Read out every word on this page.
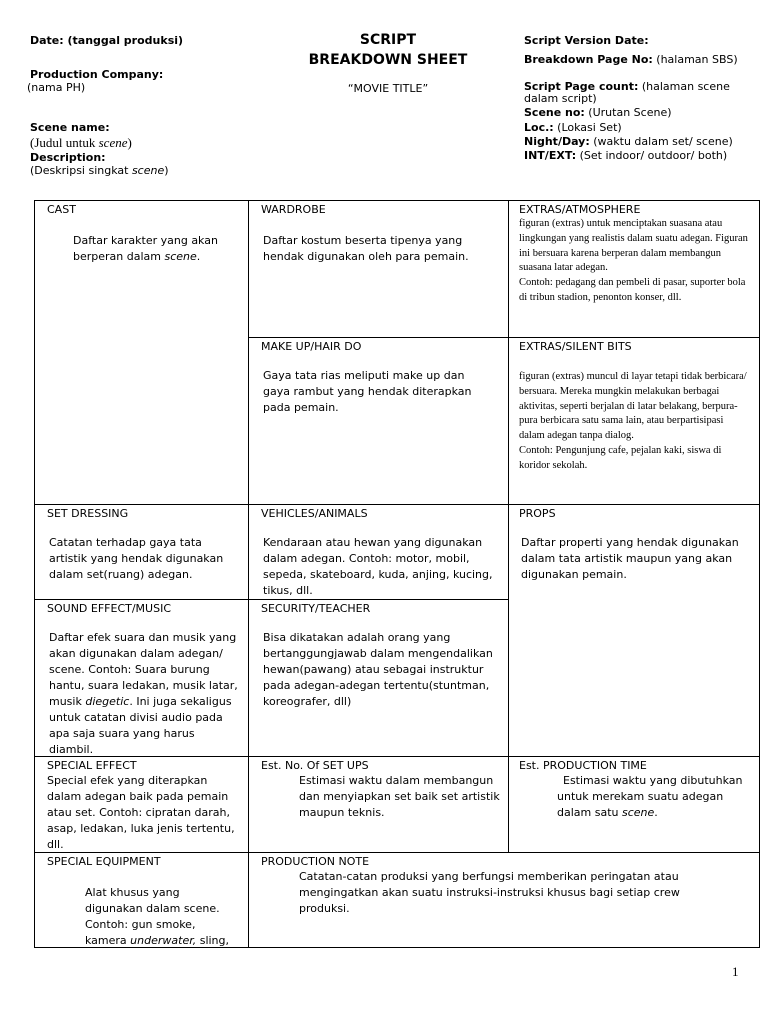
Date: (tanggal produksi)
Production Company:
(nama PH)
Scene name:
(Judul untuk scene)
Description:
(Deskripsi singkat scene)
SCRIPT
BREAKDOWN SHEET
“MOVIE TITLE”
Script Version Date:
Breakdown Page No: (halaman SBS)
Script Page count: (halaman scene dalam script)
Scene no: (Urutan Scene)
Loc.: (Lokasi Set)
Night/Day: (waktu dalam set/ scene)
INT/EXT: (Set indoor/ outdoor/ both)
CAST
Daftar karakter yang akan berperan dalam scene.
WARDROBE
Daftar kostum beserta tipenya yang hendak digunakan oleh para pemain.
EXTRAS/ATMOSPHERE
figuran (extras) untuk menciptakan suasana atau lingkungan yang realistis dalam suatu adegan. Figuran ini bersuara karena berperan dalam membangun suasana latar adegan.
Contoh: pedagang dan pembeli di pasar, suporter bola di tribun stadion, penonton konser, dll.
MAKE UP/HAIR DO
Gaya tata rias meliputi make up dan gaya rambut yang hendak diterapkan pada pemain.
EXTRAS/SILENT BITS
figuran (extras) muncul di layar tetapi tidak berbicara/ bersuara. Mereka mungkin melakukan berbagai aktivitas, seperti berjalan di latar belakang, berpura-pura berbicara satu sama lain, atau berpartisipasi dalam adegan tanpa dialog.
Contoh: Pengunjung cafe, pejalan kaki, siswa di koridor sekolah.
SET DRESSING
Catatan terhadap gaya tata artistik yang hendak digunakan dalam set(ruang) adegan.
VEHICLES/ANIMALS
Kendaraan atau hewan yang digunakan dalam adegan. Contoh: motor, mobil, sepeda, skateboard, kuda, anjing, kucing, tikus, dll.
PROPS
Daftar properti yang hendak digunakan dalam tata artistik maupun yang akan digunakan pemain.
SOUND EFFECT/MUSIC
Daftar efek suara dan musik yang akan digunakan dalam adegan/ scene. Contoh: Suara burung hantu, suara ledakan, musik latar, musik diegetic. Ini juga sekaligus untuk catatan divisi audio pada apa saja suara yang harus diambil.
SECURITY/TEACHER
Bisa dikatakan adalah orang yang bertanggungjawab dalam mengendalikan hewan(pawang) atau sebagai instruktur pada adegan-adegan tertentu(stuntman, koreografer, dll)
SPECIAL EFFECT
Special efek yang diterapkan dalam adegan baik pada pemain atau set. Contoh: cipratan darah, asap, ledakan, luka jenis tertentu, dll.
Est. No. Of SET UPS
Estimasi waktu dalam membangun dan menyiapkan set baik set artistik maupun teknis.
Est. PRODUCTION TIME
Estimasi waktu yang dibutuhkan untuk merekam suatu adegan dalam satu scene.
SPECIAL EQUIPMENT
Alat khusus yang digunakan dalam scene. Contoh: gun smoke, kamera underwater, sling,
PRODUCTION NOTE
Catatan-catan produksi yang berfungsi memberikan peringatan atau mengingatkan akan suatu instruksi-instruksi khusus bagi setiap crew produksi.
1
